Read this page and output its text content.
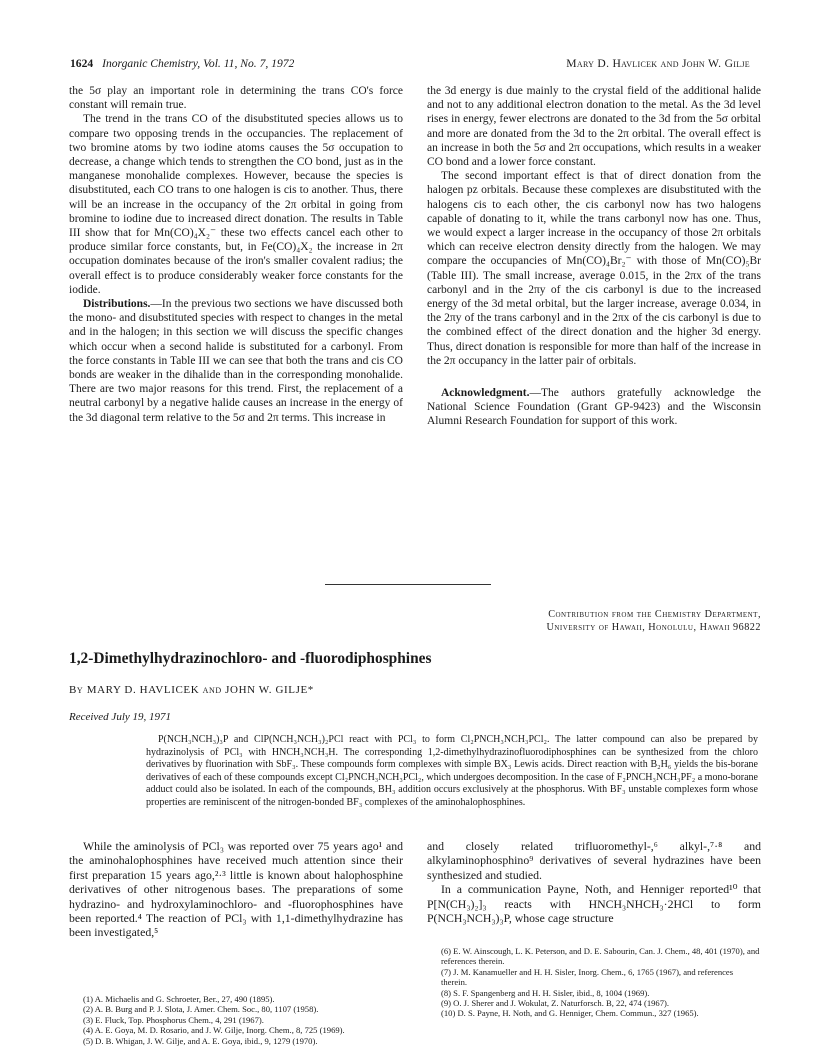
1624 Inorganic Chemistry, Vol. 11, No. 7, 1972	Mary D. Havlicek and John W. Gilje

the 5σ play an important role in determining the trans CO's force constant will remain true.

The trend in the trans CO of the disubstituted species allows us to compare two opposing trends in the occupancies. The replacement of two bromine atoms by two iodine atoms causes the 5σ occupation to decrease, a change which tends to strengthen the CO bond, just as in the manganese monohalide complexes. However, because the species is disubstituted, each CO trans to one halogen is cis to another. Thus, there will be an increase in the occupancy of the 2π orbital in going from bromine to iodine due to increased direct donation. The results in Table III show that for Mn(CO)₄X₂⁻ these two effects cancel each other to produce similar force constants, but, in Fe(CO)₄X₂ the increase in 2π occupation dominates because of the iron's smaller covalent radius; the overall effect is to produce considerably weaker force constants for the iodide.

Distributions.—In the previous two sections we have discussed both the mono- and disubstituted species with respect to changes in the metal and in the halogen; in this section we will discuss the specific changes which occur when a second halide is substituted for a carbonyl. From the force constants in Table III we can see that both the trans and cis CO bonds are weaker in the dihalide than in the corresponding monohalide. There are two major reasons for this trend. First, the replacement of a neutral carbonyl by a negative halide causes an increase in the energy of the 3d diagonal term relative to the 5σ and 2π terms. This increase in

the 3d energy is due mainly to the crystal field of the additional halide and not to any additional electron donation to the metal. As the 3d level rises in energy, fewer electrons are donated to the 3d from the 5σ orbital and more are donated from the 3d to the 2π orbital. The overall effect is an increase in both the 5σ and 2π occupations, which results in a weaker CO bond and a lower force constant.

The second important effect is that of direct donation from the halogen pz orbitals. Because these complexes are disubstituted with the halogens cis to each other, the cis carbonyl now has two halogens capable of donating to it, while the trans carbonyl now has one. Thus, we would expect a larger increase in the occupancy of those 2π orbitals which can receive electron density directly from the halogen. We may compare the occupancies of Mn(CO)₄Br₂⁻ with those of Mn(CO)₅Br (Table III). The small increase, average 0.015, in the 2πx of the trans carbonyl and in the 2πy of the cis carbonyl is due to the increased energy of the 3d metal orbital, but the larger increase, average 0.034, in the 2πy of the trans carbonyl and in the 2πx of the cis carbonyl is due to the combined effect of the direct donation and the higher 3d energy. Thus, direct donation is responsible for more than half of the increase in the 2π occupancy in the latter pair of orbitals.

Acknowledgment.—The authors gratefully acknowledge the National Science Foundation (Grant GP-9423) and the Wisconsin Alumni Research Foundation for support of this work.

Contribution from the Chemistry Department,
University of Hawaii, Honolulu, Hawaii 96822
1,2-Dimethylhydrazinochloro- and -fluorodiphosphines
By MARY D. HAVLICEK and JOHN W. GILJE*
Received July 19, 1971

P(NCH₃NCH₃)₃P and ClP(NCH₃NCH₃)₂PCl react with PCl₃ to form Cl₂PNCH₃NCH₃PCl₂. The latter compound can also be prepared by hydrazinolysis of PCl₃ with HNCH₃NCH₃H. The corresponding 1,2-dimethylhydrazinofluorodiphosphines can be synthesized from the chloro derivatives by fluorination with SbF₃. These compounds form complexes with simple BX₃ Lewis acids. Direct reaction with B₂H₆ yields the bis-borane derivatives of each of these compounds except Cl₂PNCH₃NCH₃PCl₂, which undergoes decomposition. In the case of F₂PNCH₃NCH₃PF₂ a mono-borane adduct could also be isolated. In each of the compounds, BH₃ addition occurs exclusively at the phosphorus. With BF₃ unstable complexes form whose properties are reminiscent of the nitrogen-bonded BF₃ complexes of the aminohalophosphines.

While the aminolysis of PCl₃ was reported over 75 years ago¹ and the aminohalophosphines have received much attention since their first preparation 15 years ago,²·³ little is known about halophosphine derivatives of other nitrogenous bases. The preparations of some hydrazino- and hydroxylaminochloro- and -fluorophosphines have been reported.⁴ The reaction of PCl₃ with 1,1-dimethylhydrazine has been investigated,⁵

and closely related trifluoromethyl-,⁶ alkyl-,⁷·⁸ and alkylaminophosphino⁹ derivatives of several hydrazines have been synthesized and studied.

In a communication Payne, Noth, and Henniger reported¹⁰ that P[N(CH₃)₂]₃ reacts with HNCH₃NHCH₃·2HCl to form P(NCH₃NCH₃)₃P, whose cage structure

(1) A. Michaelis and G. Schroeter, Ber., 27, 490 (1895).
(2) A. B. Burg and P. J. Slota, J. Amer. Chem. Soc., 80, 1107 (1958).
(3) E. Fluck, Top. Phosphorus Chem., 4, 291 (1967).
(4) A. E. Goya, M. D. Rosario, and J. W. Gilje, Inorg. Chem., 8, 725 (1969).
(5) D. B. Whigan, J. W. Gilje, and A. E. Goya, ibid., 9, 1279 (1970).
(6) E. W. Ainscough, L. K. Peterson, and D. E. Sabourin, Can. J. Chem., 48, 401 (1970), and references therein.
(7) J. M. Kanamueller and H. H. Sisler, Inorg. Chem., 6, 1765 (1967), and references therein.
(8) S. F. Spangenberg and H. H. Sisler, ibid., 8, 1004 (1969).
(9) O. J. Sherer and J. Wokulat, Z. Naturforsch. B, 22, 474 (1967).
(10) D. S. Payne, H. Noth, and G. Henniger, Chem. Commun., 327 (1965).
